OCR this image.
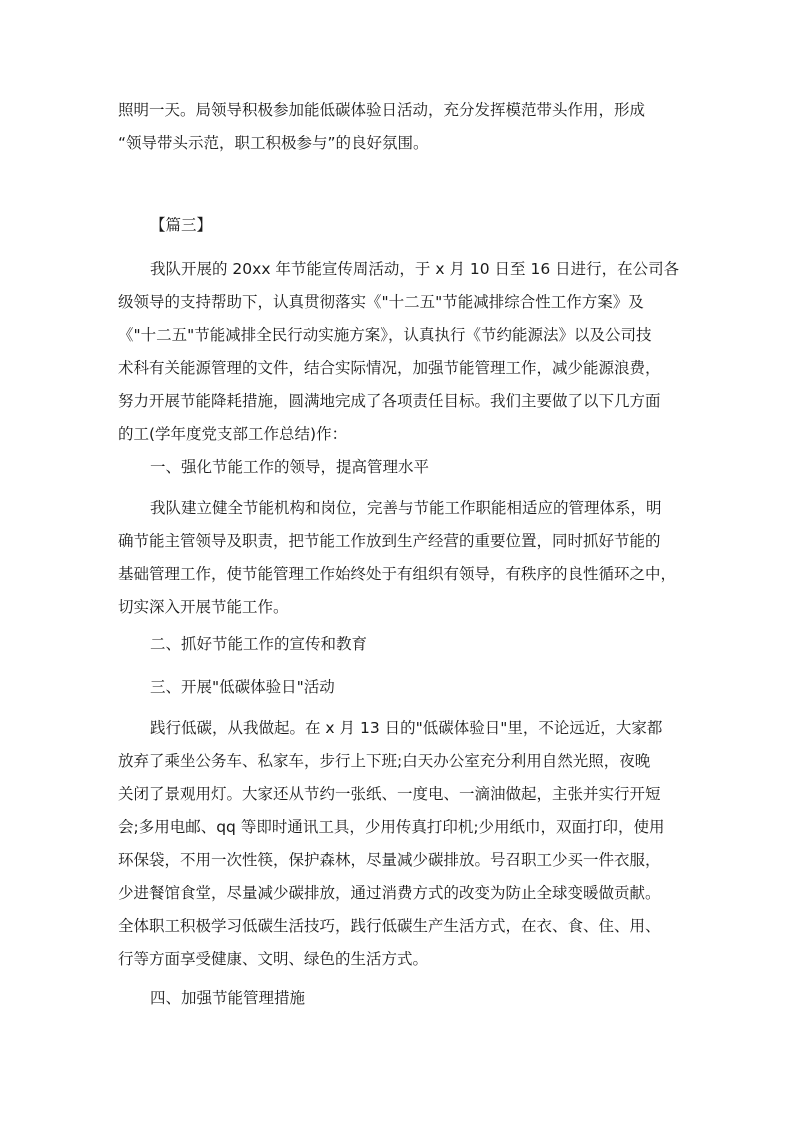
照明一天。局领导积极参加能低碳体验日活动，充分发挥模范带头作用，形成

“领导带头示范，职工积极参与”的良好氛围。

【篇三】

我队开展的 20xx 年节能宣传周活动，于 x 月 10 日至 16 日进行，在公司各

级领导的支持帮助下，认真贯彻落实《"十二五"节能减排综合性工作方案》及

《"十二五"节能减排全民行动实施方案》，认真执行《节约能源法》以及公司技

术科有关能源管理的文件，结合实际情况，加强节能管理工作，减少能源浪费，

努力开展节能降耗措施，圆满地完成了各项责任目标。我们主要做了以下几方面

的工(学年度党支部工作总结)作：

一、强化节能工作的领导，提高管理水平

我队建立健全节能机构和岗位，完善与节能工作职能相适应的管理体系，明

确节能主管领导及职责，把节能工作放到生产经营的重要位置，同时抓好节能的

基础管理工作，使节能管理工作始终处于有组织有领导，有秩序的良性循环之中，

切实深入开展节能工作。

二、抓好节能工作的宣传和教育

三、开展"低碳体验日"活动

践行低碳，从我做起。在 x 月 13 日的"低碳体验日"里，不论远近，大家都

放弃了乘坐公务车、私家车，步行上下班;白天办公室充分利用自然光照，夜晚

关闭了景观用灯。大家还从节约一张纸、一度电、一滴油做起，主张并实行开短

会;多用电邮、qq 等即时通讯工具，少用传真打印机;少用纸巾，双面打印，使用

环保袋，不用一次性筷，保护森林，尽量减少碳排放。号召职工少买一件衣服，

少进餐馆食堂，尽量减少碳排放，通过消费方式的改变为防止全球变暖做贡献。

全体职工积极学习低碳生活技巧，践行低碳生产生活方式，在衣、食、住、用、

行等方面享受健康、文明、绿色的生活方式。

四、加强节能管理措施
